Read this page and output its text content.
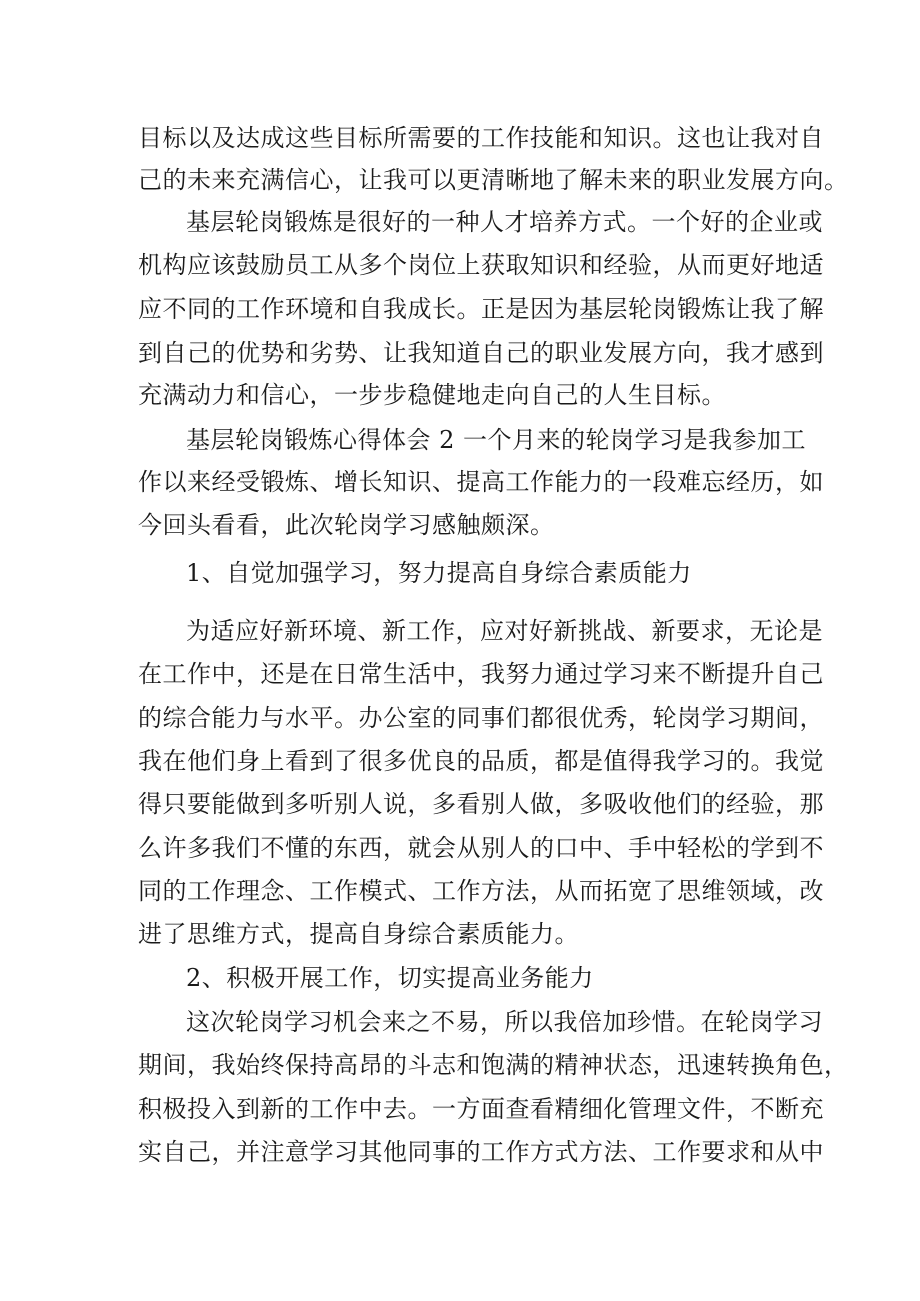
目标以及达成这些目标所需要的工作技能和知识。这也让我对自
己的未来充满信心，让我可以更清晰地了解未来的职业发展方向。
基层轮岗锻炼是很好的一种人才培养方式。一个好的企业或
机构应该鼓励员工从多个岗位上获取知识和经验，从而更好地适
应不同的工作环境和自我成长。正是因为基层轮岗锻炼让我了解
到自己的优势和劣势、让我知道自己的职业发展方向，我才感到
充满动力和信心，一步步稳健地走向自己的人生目标。
基层轮岗锻炼心得体会 2 一个月来的轮岗学习是我参加工
作以来经受锻炼、增长知识、提高工作能力的一段难忘经历，如
今回头看看，此次轮岗学习感触颇深。
1、自觉加强学习，努力提高自身综合素质能力
为适应好新环境、新工作，应对好新挑战、新要求，无论是
在工作中，还是在日常生活中，我努力通过学习来不断提升自己
的综合能力与水平。办公室的同事们都很优秀，轮岗学习期间，
我在他们身上看到了很多优良的品质，都是值得我学习的。我觉
得只要能做到多听别人说，多看别人做，多吸收他们的经验，那
么许多我们不懂的东西，就会从别人的口中、手中轻松的学到不
同的工作理念、工作模式、工作方法，从而拓宽了思维领域，改
进了思维方式，提高自身综合素质能力。
2、积极开展工作，切实提高业务能力
这次轮岗学习机会来之不易，所以我倍加珍惜。在轮岗学习
期间，我始终保持高昂的斗志和饱满的精神状态，迅速转换角色，
积极投入到新的工作中去。一方面查看精细化管理文件，不断充
实自己，并注意学习其他同事的工作方式方法、工作要求和从中
